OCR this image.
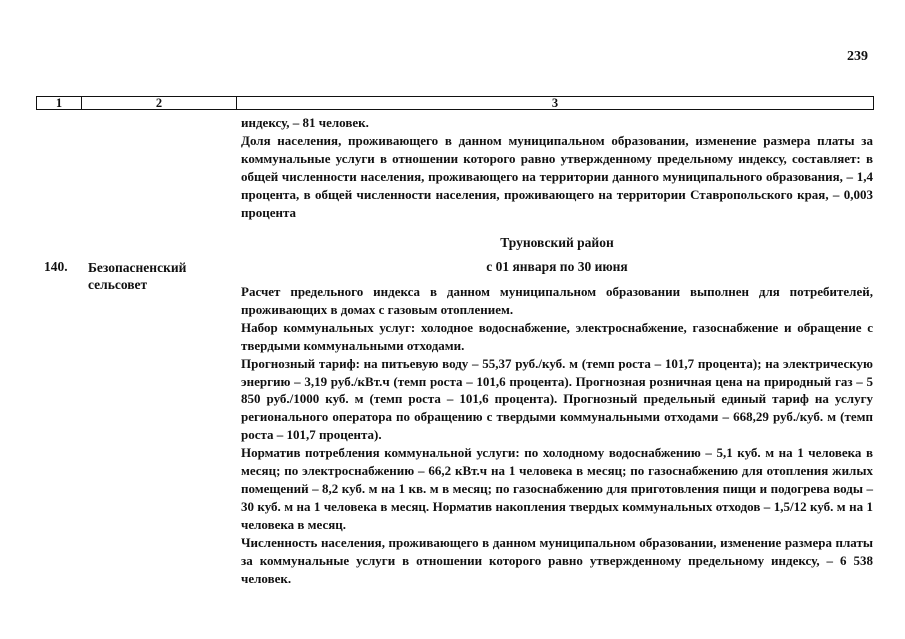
239
1	2	3

индексу, – 81 человек.

Доля населения, проживающего в данном муниципальном образовании, изменение размера платы за коммунальные услуги в отношении которого равно утвержденному предельному индексу, составляет: в общей численности населения, проживающего на территории данного муниципального образования, – 1,4 процента, в общей численности населения, проживающего на территории Ставропольского края, – 0,003 процента

Труновский район
140. Безопасненский сельсовет
с 01 января по 30 июня

Расчет предельного индекса в данном муниципальном образовании выполнен для потребителей, проживающих в домах с газовым отоплением.

Набор коммунальных услуг: холодное водоснабжение, электроснабжение, газоснабжение и обращение с твердыми коммунальными отходами.

Прогнозный тариф: на питьевую воду – 55,37 руб./куб. м (темп роста – 101,7 процента); на электрическую энергию – 3,19 руб./кВт.ч (темп роста – 101,6 процента). Прогнозная розничная цена на природный газ – 5 850 руб./1000 куб. м (темп роста – 101,6 процента). Прогнозный предельный единый тариф на услугу регионального оператора по обращению с твердыми коммунальными отходами – 668,29 руб./куб. м (темп роста – 101,7 процента).

Норматив потребления коммунальной услуги: по холодному водоснабжению – 5,1 куб. м на 1 человека в месяц; по электроснабжению – 66,2 кВт.ч на 1 человека в месяц; по газоснабжению для отопления жилых помещений – 8,2 куб. м на 1 кв. м в месяц; по газоснабжению для приготовления пищи и подогрева воды – 30 куб. м на 1 человека в месяц. Норматив накопления твердых коммунальных отходов – 1,5/12 куб. м на 1 человека в месяц.

Численность населения, проживающего в данном муниципальном образовании, изменение размера платы за коммунальные услуги в отношении которого равно утвержденному предельному индексу, – 6 538 человек.
